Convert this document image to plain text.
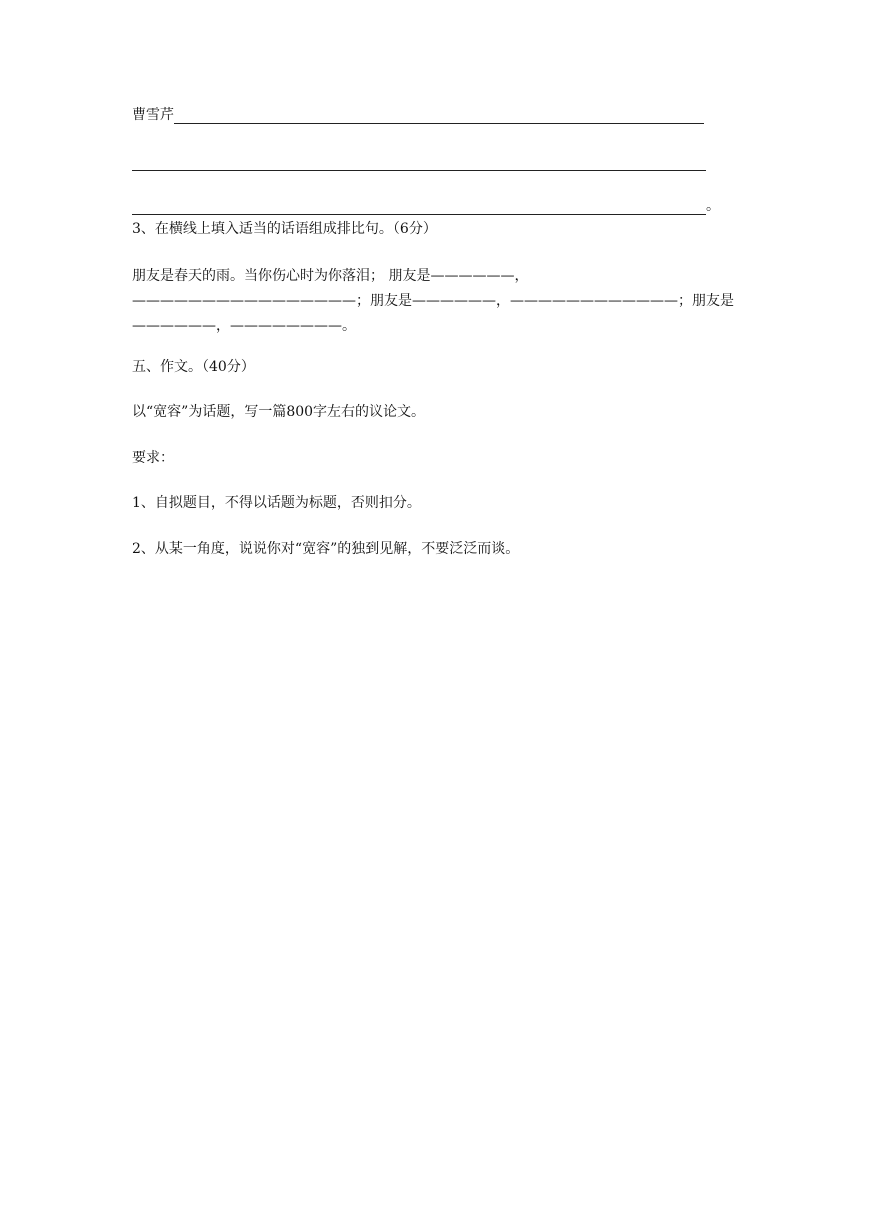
曹雪芹
。
3、在横线上填入适当的话语组成排比句。（6分）
朋友是春天的雨。当你伤心时为你落泪； 朋友是——————，————————————————；朋友是——————，————————————；朋友是——————，————————。
五、作文。（40分）
以“宽容”为话题，写一篇800字左右的议论文。
要求：
1、自拟题目，不得以话题为标题，否则扣分。
2、从某一角度，说说你对“宽容”的独到见解，不要泛泛而谈。
